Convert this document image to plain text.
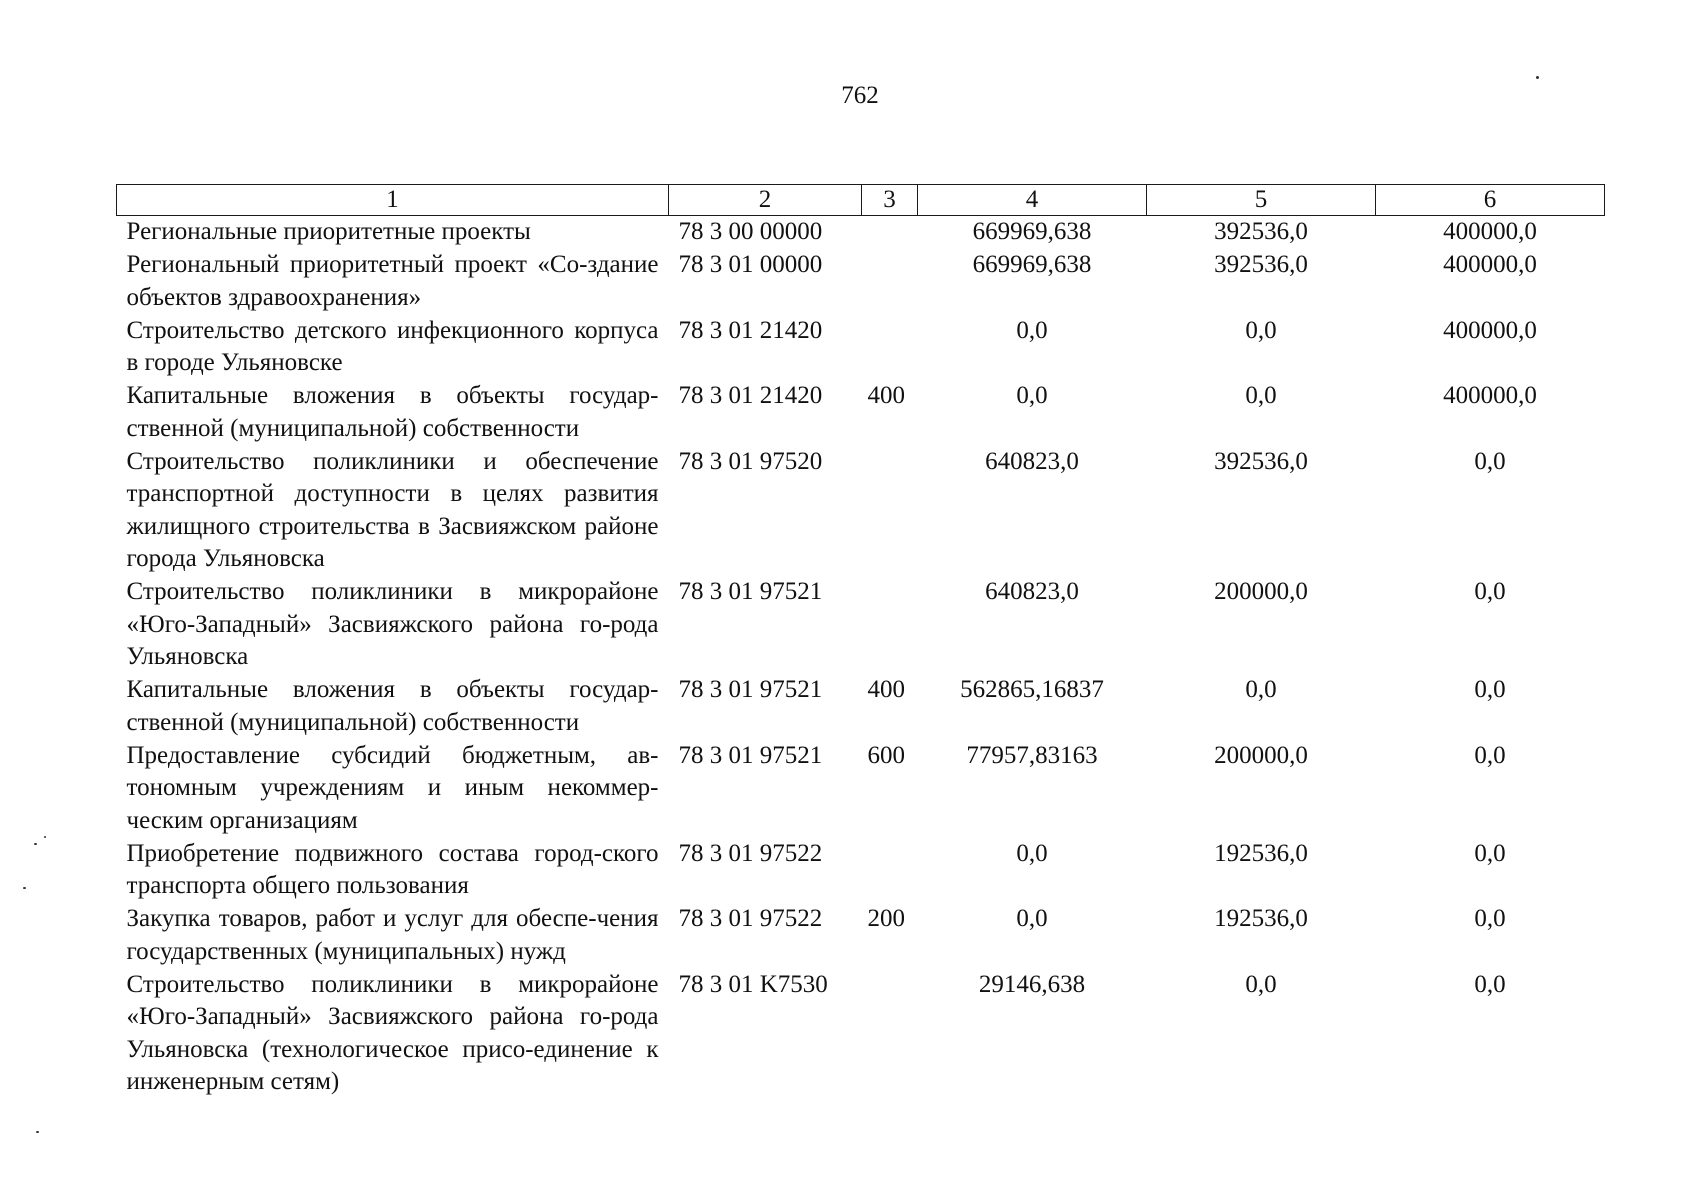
762
1	2	3	4	5	6
Региональные приоритетные проекты	78 3 00 00000		669969,638	392536,0	400000,0
Региональный приоритетный проект «Со-здание объектов здравоохранения»	78 3 01 00000		669969,638	392536,0	400000,0
Строительство детского инфекционного корпуса в городе Ульяновске	78 3 01 21420		0,0	0,0	400000,0
Капитальные вложения в объекты государ-ственной (муниципальной) собственности	78 3 01 21420	400	0,0	0,0	400000,0
Строительство поликлиники и обеспечение транспортной доступности в целях развития жилищного строительства в Засвияжском районе города Ульяновска	78 3 01 97520		640823,0	392536,0	0,0
Строительство поликлиники в микрорайоне «Юго-Западный» Засвияжского района го-рода Ульяновска	78 3 01 97521		640823,0	200000,0	0,0
Капитальные вложения в объекты государ-ственной (муниципальной) собственности	78 3 01 97521	400	562865,16837	0,0	0,0
Предоставление субсидий бюджетным, ав-тономным учреждениям и иным некоммер-ческим организациям	78 3 01 97521	600	77957,83163	200000,0	0,0
Приобретение подвижного состава город-ского транспорта общего пользования	78 3 01 97522		0,0	192536,0	0,0
Закупка товаров, работ и услуг для обеспе-чения государственных (муниципальных) нужд	78 3 01 97522	200	0,0	192536,0	0,0
Строительство поликлиники в микрорайоне «Юго-Западный» Засвияжского района го-рода Ульяновска (технологическое присо-единение к инженерным сетям)	78 3 01 K7530		29146,638	0,0	0,0
